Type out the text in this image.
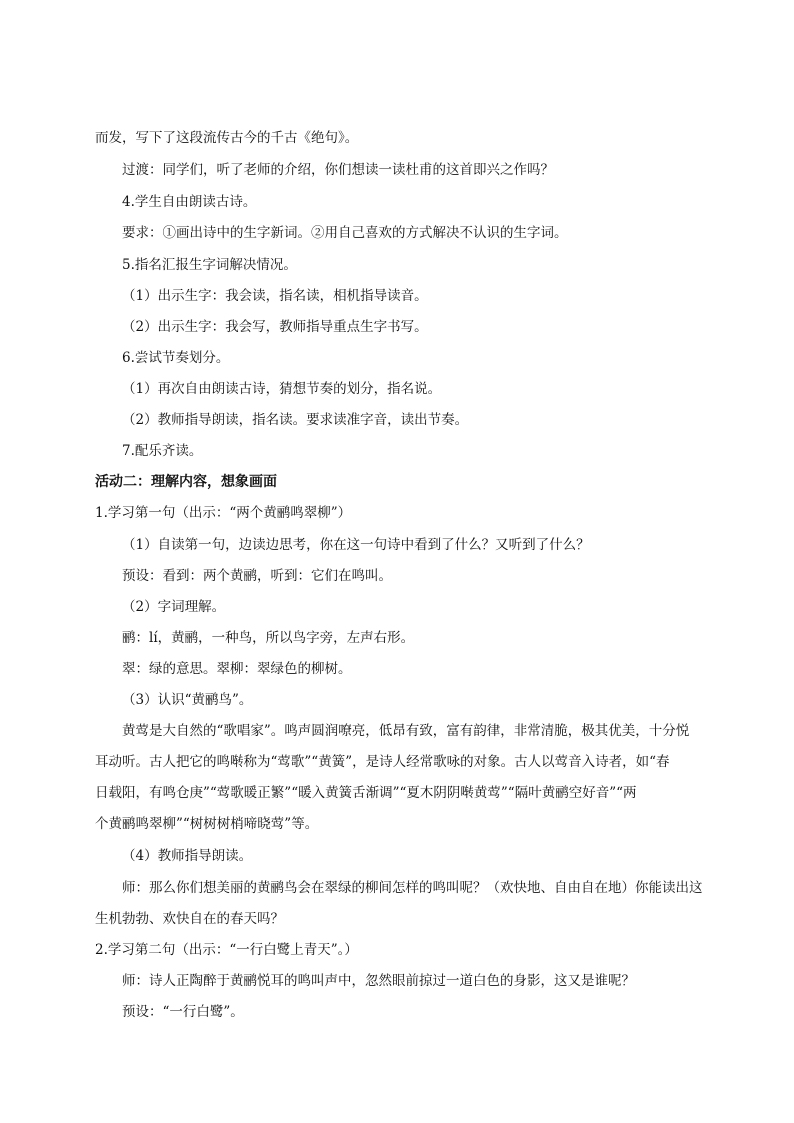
而发，写下了这段流传古今的千古《绝句》。
过渡：同学们，听了老师的介绍，你们想读一读杜甫的这首即兴之作吗？
4.学生自由朗读古诗。
要求：①画出诗中的生字新词。②用自己喜欢的方式解决不认识的生字词。
5.指名汇报生字词解决情况。
（1）出示生字：我会读，指名读，相机指导读音。
（2）出示生字：我会写，教师指导重点生字书写。
6.尝试节奏划分。
（1）再次自由朗读古诗，猜想节奏的划分，指名说。
（2）教师指导朗读，指名读。要求读准字音，读出节奏。
7.配乐齐读。
活动二：理解内容，想象画面
1.学习第一句（出示：“两个黄鹂鸣翠柳”）
（1）自读第一句，边读边思考，你在这一句诗中看到了什么？又听到了什么？
预设：看到：两个黄鹂，听到：它们在鸣叫。
（2）字词理解。
鹂：lí，黄鹂，一种鸟，所以鸟字旁，左声右形。
翠：绿的意思。翠柳：翠绿色的柳树。
（3）认识“黄鹂鸟”。
黄莺是大自然的“歌唱家”。鸣声圆润嘹亮，低昂有致，富有韵律，非常清脆，极其优美，十分悦
耳动听。古人把它的鸣啭称为“莺歌”“黄簧”，是诗人经常歌咏的对象。古人以莺音入诗者，如“春
日载阳，有鸣仓庚”“莺歌暖正繁”“暖入黄簧舌渐调”“夏木阴阴啭黄莺”“隔叶黄鹂空好音”“两
个黄鹂鸣翠柳”“树树树梢啼晓莺”等。
（4）教师指导朗读。
师：那么你们想美丽的黄鹂鸟会在翠绿的柳间怎样的鸣叫呢？（欢快地、自由自在地）你能读出这
生机勃勃、欢快自在的春天吗？
2.学习第二句（出示：“一行白鹭上青天”。）
师：诗人正陶醉于黄鹂悦耳的鸣叫声中，忽然眼前掠过一道白色的身影，这又是谁呢？
预设：“一行白鹭”。
